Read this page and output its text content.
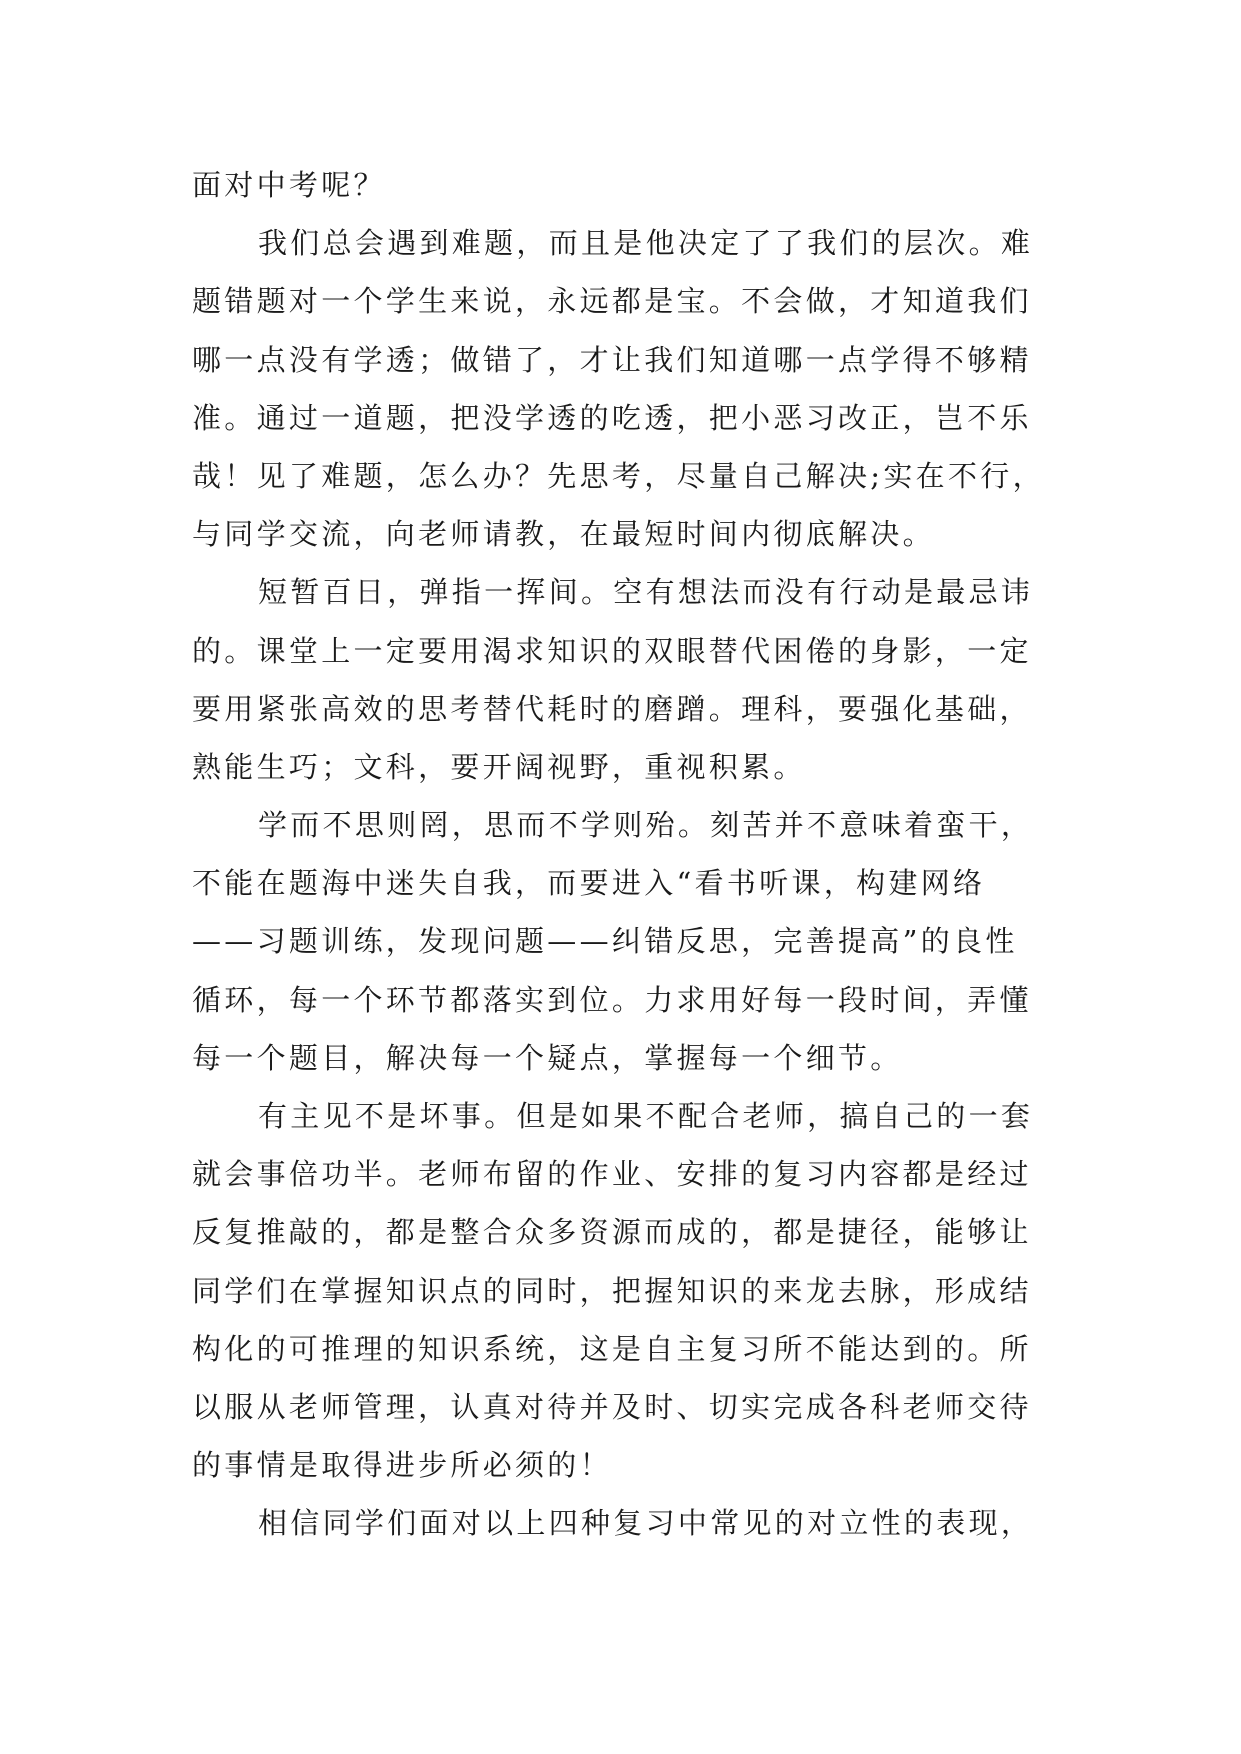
面对中考呢？
我们总会遇到难题，而且是他决定了了我们的层次。难
题错题对一个学生来说，永远都是宝。不会做，才知道我们
哪一点没有学透；做错了，才让我们知道哪一点学得不够精
准。通过一道题，把没学透的吃透，把小恶习改正，岂不乐
哉！见了难题，怎么办？先思考，尽量自己解决;实在不行，
与同学交流，向老师请教，在最短时间内彻底解决。
短暂百日，弹指一挥间。空有想法而没有行动是最忌讳
的。课堂上一定要用渴求知识的双眼替代困倦的身影，一定
要用紧张高效的思考替代耗时的磨蹭。理科，要强化基础，
熟能生巧；文科，要开阔视野，重视积累。
学而不思则罔，思而不学则殆。刻苦并不意味着蛮干，
不能在题海中迷失自我，而要进入“看书听课，构建网络
——习题训练，发现问题——纠错反思，完善提高”的良性
循环，每一个环节都落实到位。力求用好每一段时间，弄懂
每一个题目，解决每一个疑点，掌握每一个细节。
有主见不是坏事。但是如果不配合老师，搞自己的一套
就会事倍功半。老师布留的作业、安排的复习内容都是经过
反复推敲的，都是整合众多资源而成的，都是捷径，能够让
同学们在掌握知识点的同时，把握知识的来龙去脉，形成结
构化的可推理的知识系统，这是自主复习所不能达到的。所
以服从老师管理，认真对待并及时、切实完成各科老师交待
的事情是取得进步所必须的！
相信同学们面对以上四种复习中常见的对立性的表现，
